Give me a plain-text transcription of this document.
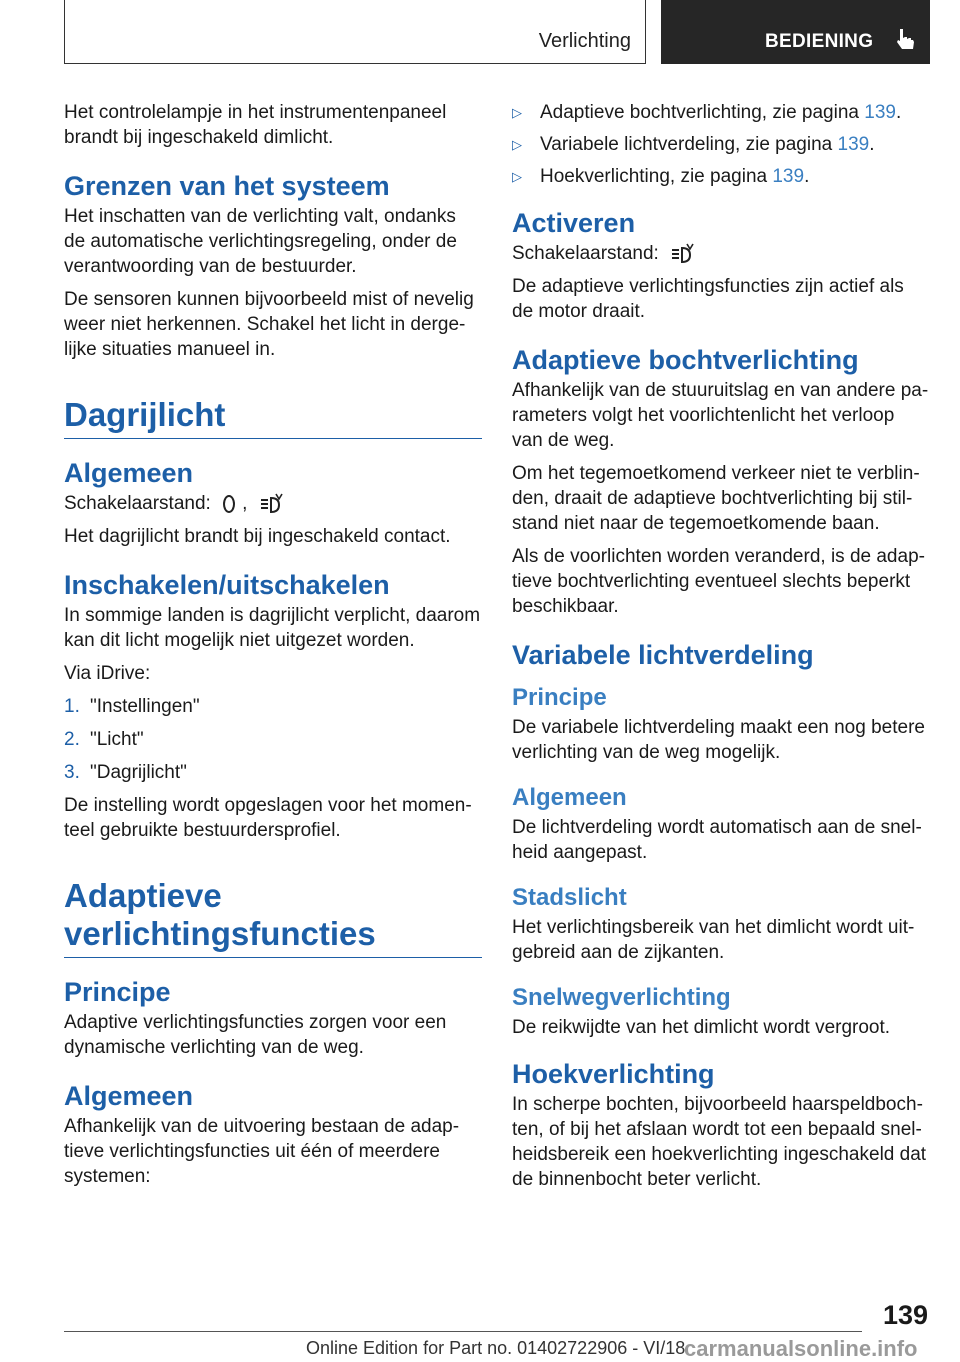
Verlichting	BEDIENING

Het controlelampje in het instrumentenpaneel brandt bij ingeschakeld dimlicht.

Grenzen van het systeem

Het inschatten van de verlichting valt, ondanks de automatische verlichtingsregeling, onder de verantwoording van de bestuurder.

De sensoren kunnen bijvoorbeeld mist of nevelig weer niet herkennen. Schakel het licht in dergelijke situaties manueel in.

Dagrijlicht
Algemeen

Schakelaarstand: ,

Het dagrijlicht brandt bij ingeschakeld contact.

Inschakelen/uitschakelen

In sommige landen is dagrijlicht verplicht, daarom kan dit licht mogelijk niet uitgezet worden.

Via iDrive:

1. "Instellingen"
2. "Licht"
3. "Dagrijlicht"

De instelling wordt opgeslagen voor het momenteel gebruikte bestuurdersprofiel.

Adaptieve
verlichtingsfuncties
Principe

Adaptive verlichtingsfuncties zorgen voor een dynamische verlichting van de weg.

Algemeen

Afhankelijk van de uitvoering bestaan de adaptieve verlichtingsfuncties uit één of meerdere systemen:

▷ Adaptieve bochtverlichting, zie pagina 139.
▷ Variabele lichtverdeling, zie pagina 139.
▷ Hoekverlichting, zie pagina 139.
Activeren

Schakelaarstand:

De adaptieve verlichtingsfuncties zijn actief als de motor draait.

Adaptieve bochtverlichting

Afhankelijk van de stuuruitslag en van andere parameters volgt het voorlichtenlicht het verloop van de weg.

Om het tegemoetkomend verkeer niet te verblinden, draait de adaptieve bochtverlichting bij stilstand niet naar de tegemoetkomende baan.

Als de voorlichten worden veranderd, is de adaptieve bochtverlichting eventueel slechts beperkt beschikbaar.

Variabele lichtverdeling
Principe

De variabele lichtverdeling maakt een nog betere verlichting van de weg mogelijk.

Algemeen

De lichtverdeling wordt automatisch aan de snelheid aangepast.

Stadslicht

Het verlichtingsbereik van het dimlicht wordt uitgebreid aan de zijkanten.

Snelwegverlichting

De reikwijdte van het dimlicht wordt vergroot.

Hoekverlichting

In scherpe bochten, bijvoorbeeld haarspeldbochten, of bij het afslaan wordt tot een bepaald snelheidsbereik een hoekverlichting ingeschakeld dat de binnenbocht beter verlicht.

139
Online Edition for Part no. 01402722906 - VI/18
carmanualsonline.info
